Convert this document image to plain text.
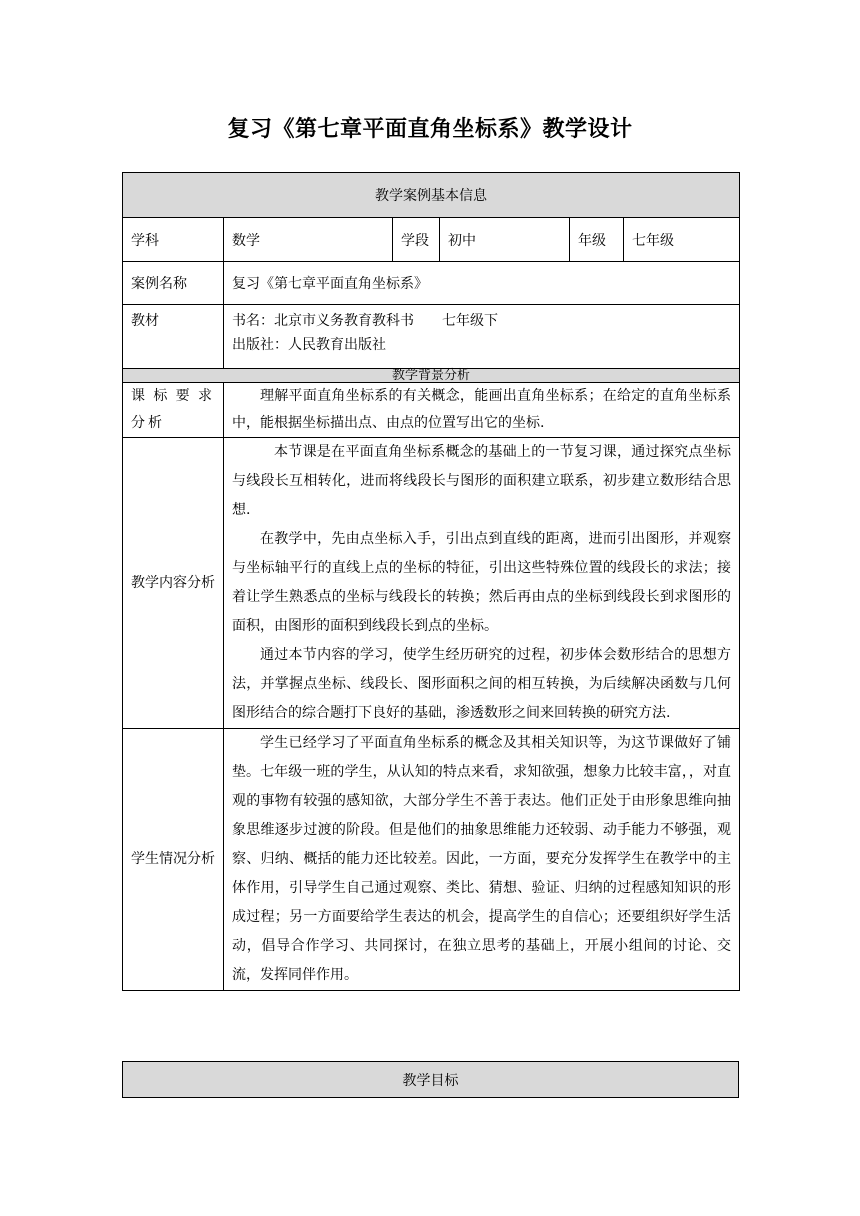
复习《第七章平面直角坐标系》教学设计
教学案例基本信息					
学科	数学	学段	初中	年级	七年级
案例名称	复习《第七章平面直角坐标系》				
教材	书名：北京市义务教育教科书　　七年级下
出版社：人民教育出版社				

教学背景分析					
课标要求分析	理解平面直角坐标系的有关概念，能画出直角坐标系；在给定的直角坐标系中，能根据坐标描出点、由点的位置写出它的坐标.				

教学内容分析	本节课是在平面直角坐标系概念的基础上的一节复习课，通过探究点坐标与线段长互相转化，进而将线段长与图形的面积建立联系，初步建立数形结合思想.

在教学中，先由点坐标入手，引出点到直线的距离，进而引出图形，并观察与坐标轴平行的直线上点的坐标的特征，引出这些特殊位置的线段长的求法；接着让学生熟悉点的坐标与线段长的转换；然后再由点的坐标到线段长到求图形的面积，由图形的面积到线段长到点的坐标。

通过本节内容的学习，使学生经历研究的过程，初步体会数形结合的思想方法，并掌握点坐标、线段长、图形面积之间的相互转换，为后续解决函数与几何图形结合的综合题打下良好的基础，渗透数形之间来回转换的研究方法.				

学生情况分析	学生已经学习了平面直角坐标系的概念及其相关知识等，为这节课做好了铺垫。七年级一班的学生，从认知的特点来看，求知欲强，想象力比较丰富，，对直观的事物有较强的感知欲，大部分学生不善于表达。他们正处于由形象思维向抽象思维逐步过渡的阶段。但是他们的抽象思维能力还较弱、动手能力不够强，观察、归纳、概括的能力还比较差。因此，一方面，要充分发挥学生在教学中的主体作用，引导学生自己通过观察、类比、猜想、验证、归纳的过程感知知识的形成过程；另一方面要给学生表达的机会，提高学生的自信心；还要组织好学生活动，倡导合作学习、共同探讨，在独立思考的基础上，开展小组间的讨论、交流，发挥同伴作用。				

教学目标
